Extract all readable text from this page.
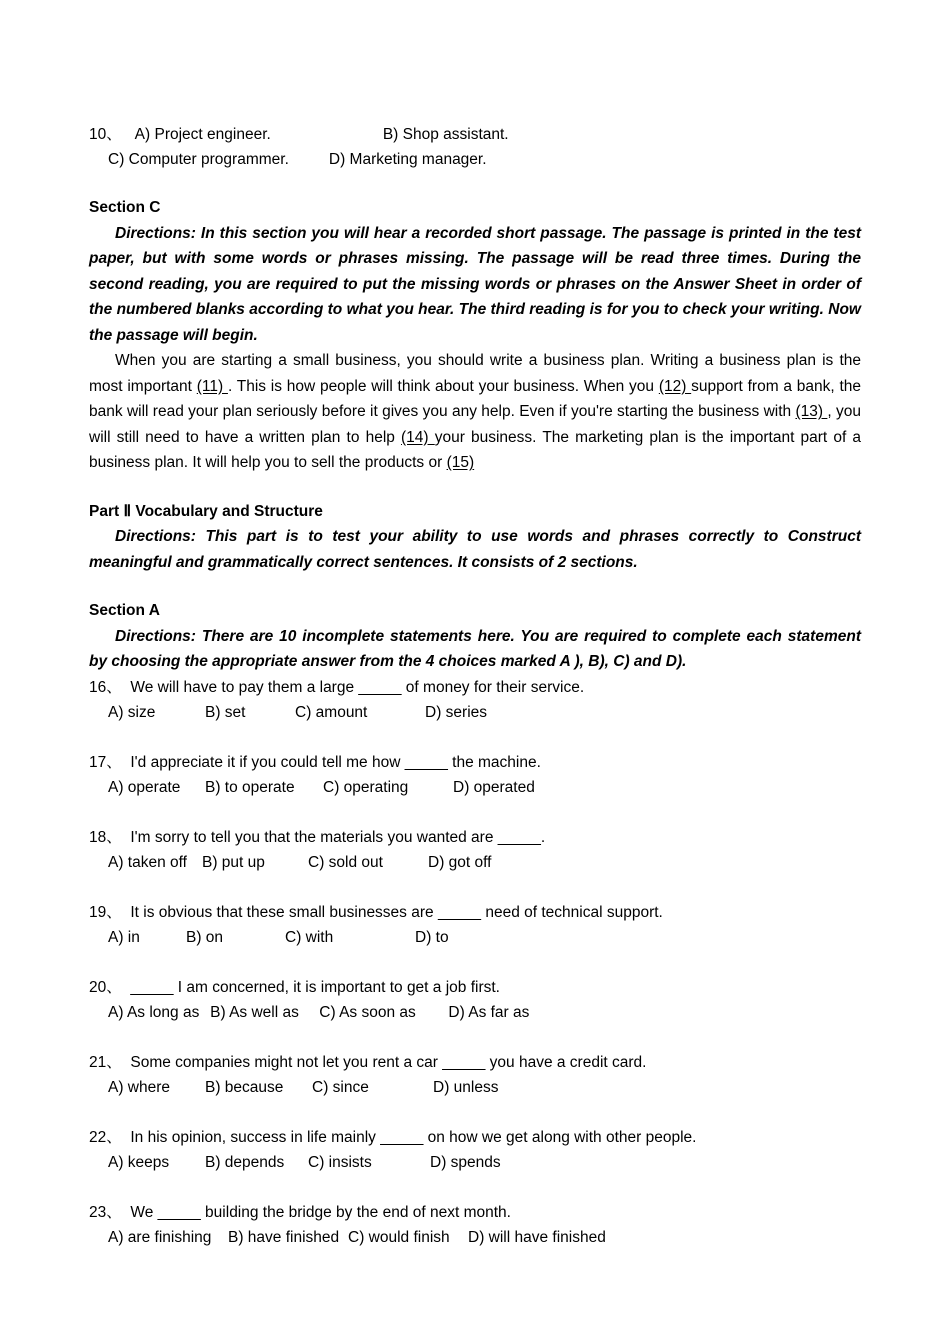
10、 A) Project engineer.	B) Shop assistant.
C) Computer programmer.	D) Marketing manager.
Section C
Directions: In this section you will hear a recorded short passage. The passage is printed in the test paper, but with some words or phrases missing. The passage will be read three times. During the second reading, you are required to put the missing words or phrases on the Answer Sheet in order of the numbered blanks according to what you hear. The third reading is for you to check your writing. Now the passage will begin.
When you are starting a small business, you should write a business plan. Writing a business plan is the most important (11) . This is how people will think about your business. When you (12) support from a bank, the bank will read your plan seriously before it gives you any help. Even if you're starting the business with (13) , you will still need to have a written plan to help (14) your business. The marketing plan is the important part of a business plan. It will help you to sell the products or (15)
Part Ⅱ Vocabulary and Structure
Directions: This part is to test your ability to use words and phrases correctly to Construct meaningful and grammatically correct sentences. It consists of 2 sections.
Section A
Directions: There are 10 incomplete statements here. You are required to complete each statement by choosing the appropriate answer from the 4 choices marked A ), B), C) and D).
16、 We will have to pay them a large _____ of money for their service.
A) size	B) set	C) amount	D) series
17、 I'd appreciate it if you could tell me how _____ the machine.
A) operate B) to operate C) operating	D) operated
18、 I'm sorry to tell you that the materials you wanted are _____.
A) taken off B) put up	C) sold out	D) got off
19、 It is obvious that these small businesses are _____ need of technical support.
A) in	B) on	C) with	D) to
20、 _____ I am concerned, it is important to get a job first.
A) As long as B) As well as C) As soon as D) As far as
21、 Some companies might not let you rent a car _____ you have a credit card.
A) where B) because C) since	D) unless
22、 In his opinion, success in life mainly _____ on how we get along with other people.
A) keeps B) depends C) insists	D) spends
23、 We _____ building the bridge by the end of next month.
A) are finishing B) have finished C) would finish D) will have finished
